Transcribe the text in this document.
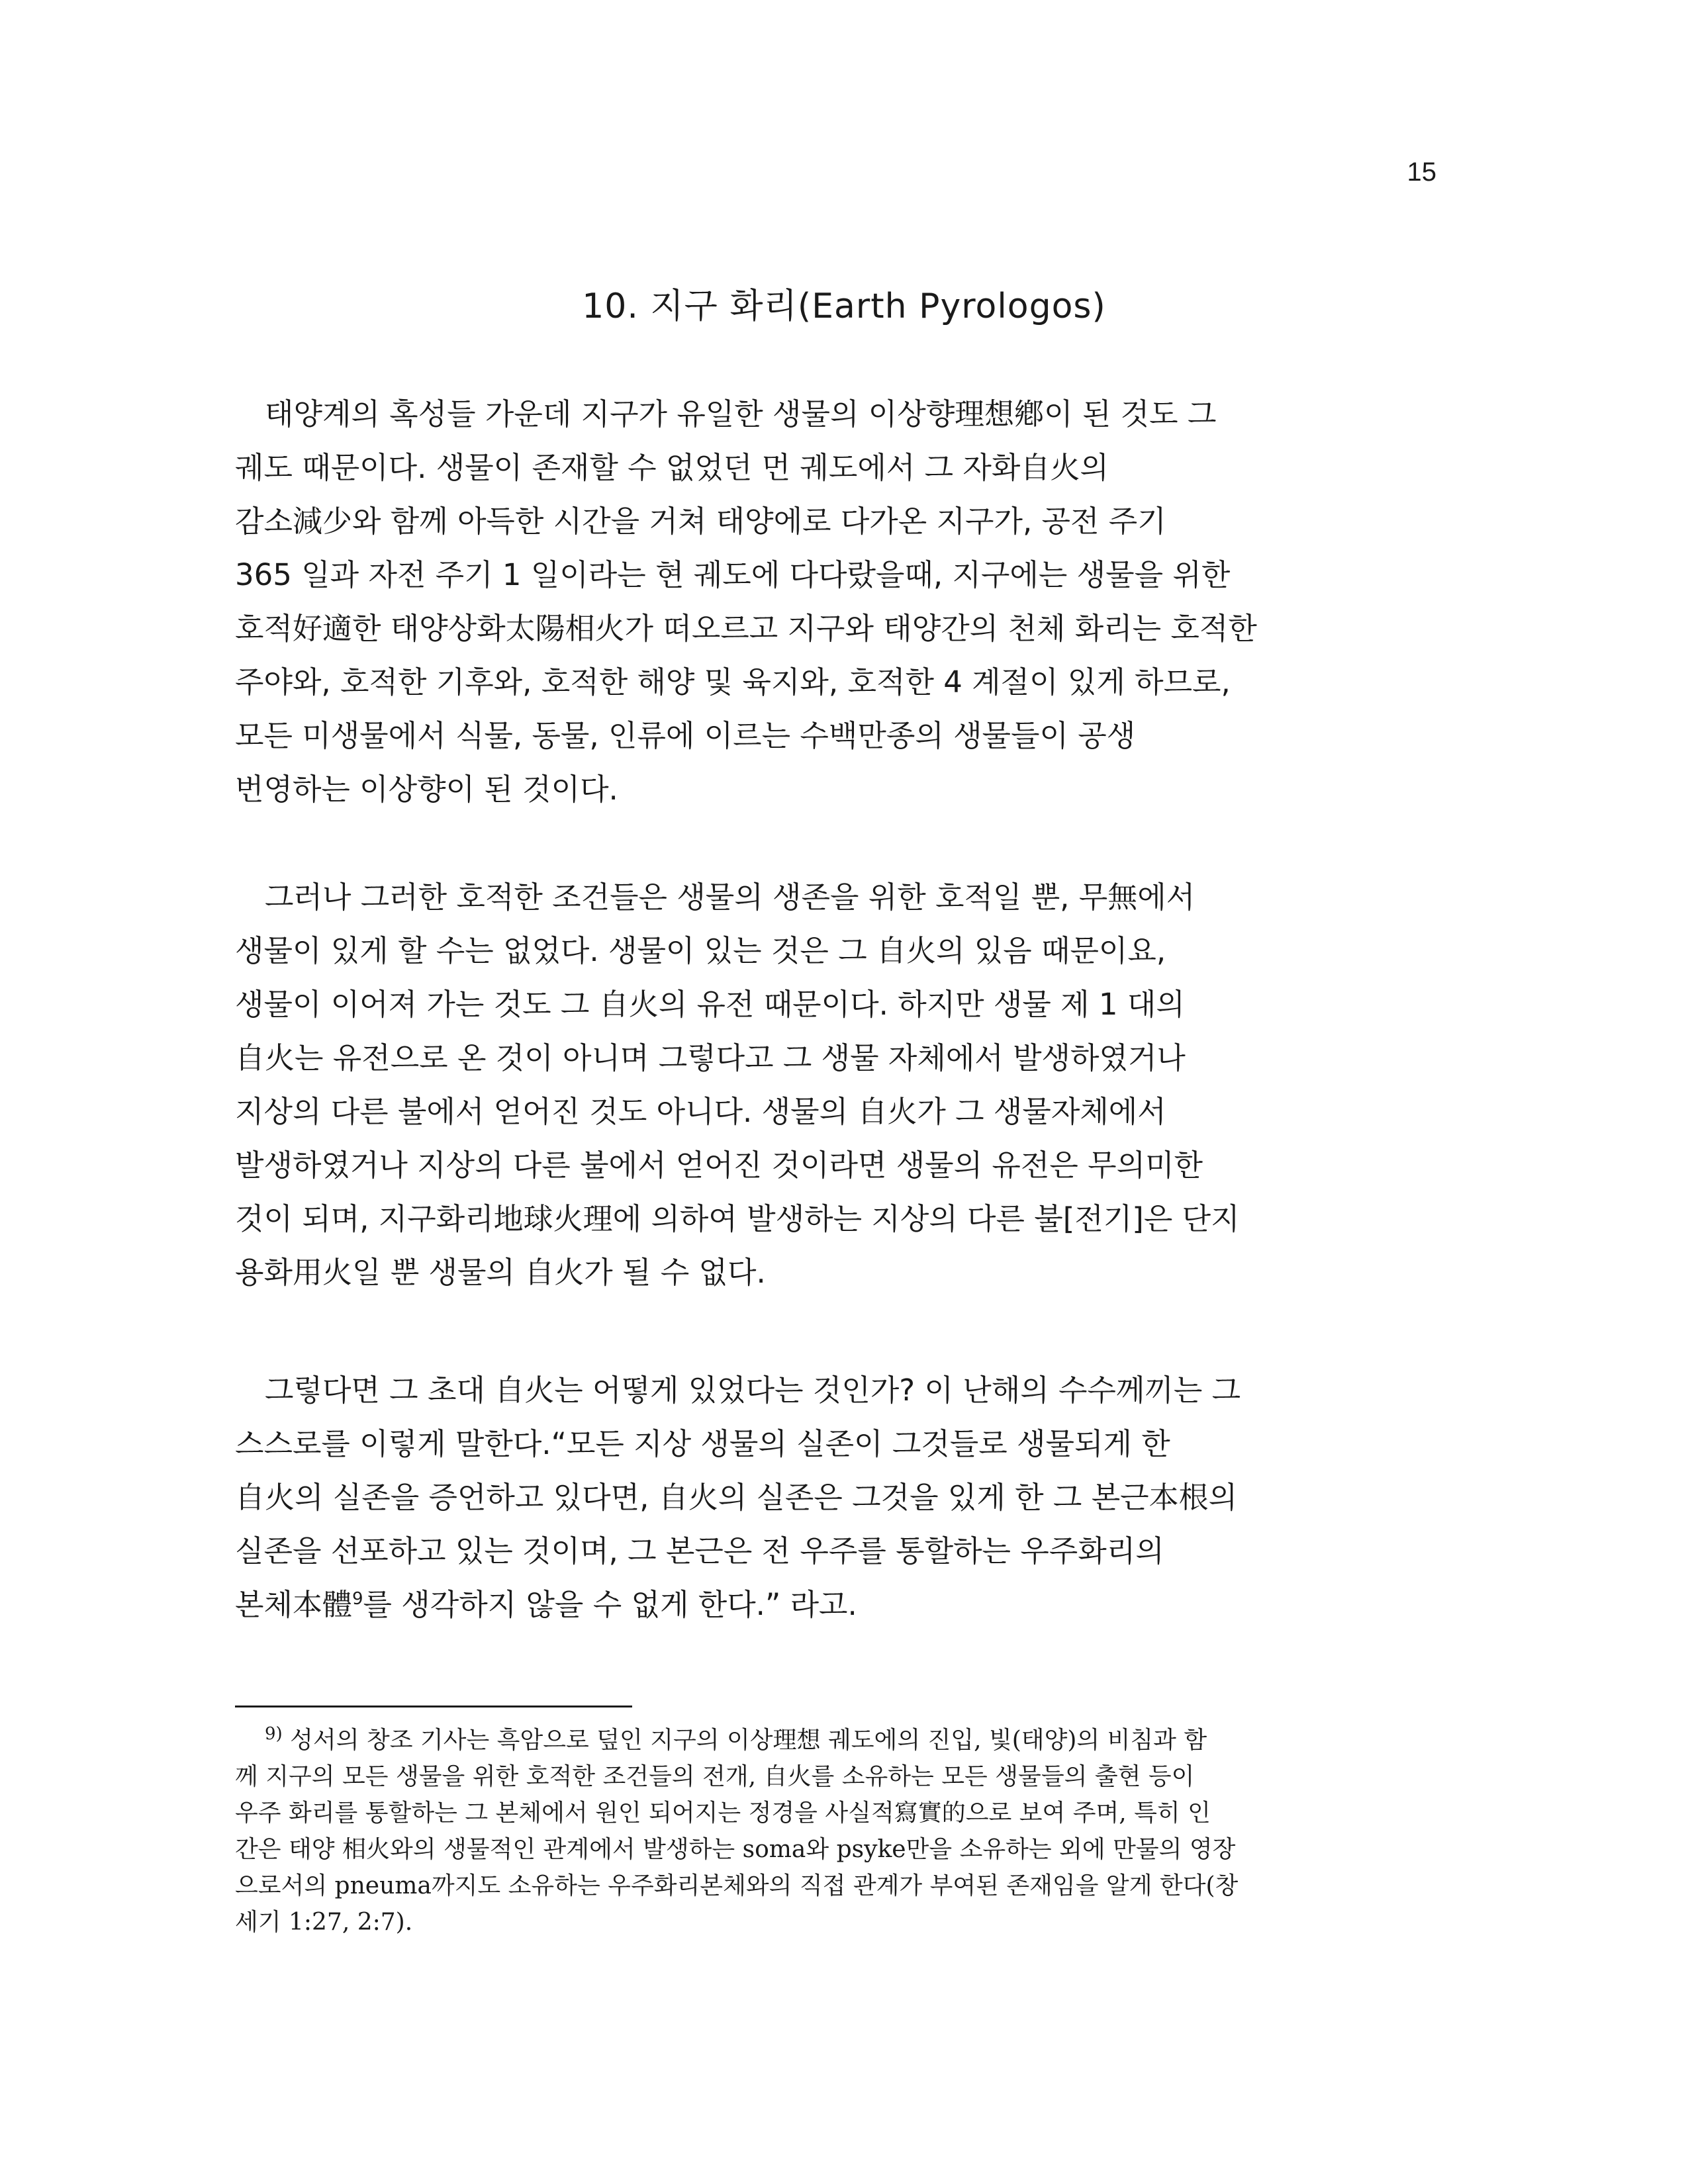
15
10. 지구 화리(Earth Pyrologos)
태양계의 혹성들 가운데 지구가 유일한 생물의 이상향理想鄕이 된 것도 그
궤도 때문이다. 생물이 존재할 수 없었던 먼 궤도에서 그 자화自火의
감소減少와 함께 아득한 시간을 거쳐 태양에로 다가온 지구가, 공전 주기
365 일과 자전 주기 1 일이라는 현 궤도에 다다랐을때, 지구에는 생물을 위한
호적好適한 태양상화太陽相火가 떠오르고 지구와 태양간의 천체 화리는 호적한
주야와, 호적한 기후와, 호적한 해양 및 육지와, 호적한 4 계절이 있게 하므로,
모든 미생물에서 식물, 동물, 인류에 이르는 수백만종의 생물들이 공생
번영하는 이상향이 된 것이다.
그러나 그러한 호적한 조건들은 생물의 생존을 위한 호적일 뿐, 무無에서
생물이 있게 할 수는 없었다. 생물이 있는 것은 그 自火의 있음 때문이요,
생물이 이어져 가는 것도 그 自火의 유전 때문이다. 하지만 생물 제 1 대의
自火는 유전으로 온 것이 아니며 그렇다고 그 생물 자체에서 발생하였거나
지상의 다른 불에서 얻어진 것도 아니다. 생물의 自火가 그 생물자체에서
발생하였거나 지상의 다른 불에서 얻어진 것이라면 생물의 유전은 무의미한
것이 되며, 지구화리地球火理에 의하여 발생하는 지상의 다른 불[전기]은 단지
용화用火일 뿐 생물의 自火가 될 수 없다.
그렇다면 그 초대 自火는 어떻게 있었다는 것인가? 이 난해의 수수께끼는 그
스스로를 이렇게 말한다.“모든 지상 생물의 실존이 그것들로 생물되게 한
自火의 실존을 증언하고 있다면, 自火의 실존은 그것을 있게 한 그 본근本根의
실존을 선포하고 있는 것이며, 그 본근은 전 우주를 통할하는 우주화리의
본체本體$^9$를 생각하지 않을 수 없게 한다.” 라고.
$^{9)}$ 성서의 창조 기사는 흑암으로 덮인 지구의 이상理想 궤도에의 진입, 빛(태양)의 비침과 함
께 지구의 모든 생물을 위한 호적한 조건들의 전개, 自火를 소유하는 모든 생물들의 출현 등이
우주 화리를 통할하는 그 본체에서 원인 되어지는 정경을 사실적寫實的으로 보여 주며, 특히 인
간은 태양 相火와의 생물적인 관계에서 발생하는 soma와 psyke만을 소유하는 외에 만물의 영장
으로서의 pneuma까지도 소유하는 우주화리본체와의 직접 관계가 부여된 존재임을 알게 한다(창
세기 1:27, 2:7).
